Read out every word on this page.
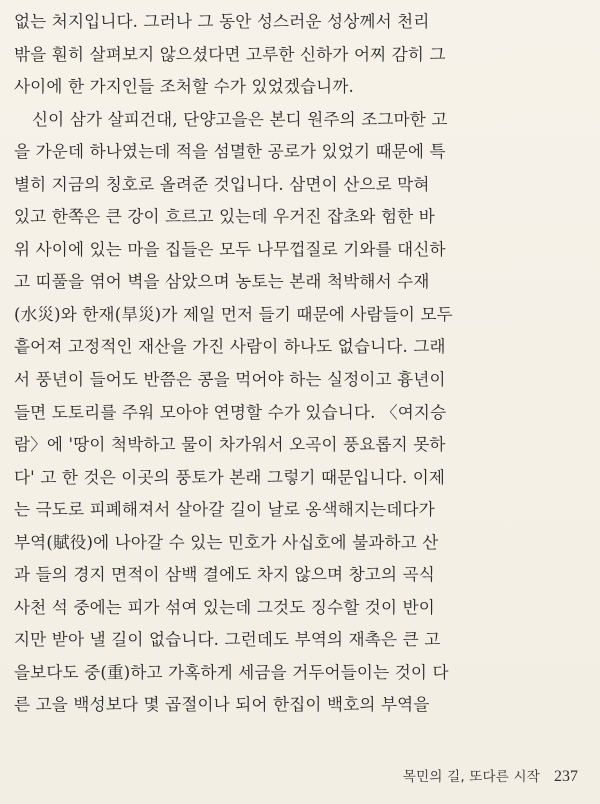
없는 처지입니다. 그러나 그 동안 성스러운 성상께서 천리
밖을 훤히 살펴보지 않으셨다면 고루한 신하가 어찌 감히 그
사이에 한 가지인들 조처할 수가 있었겠습니까.
신이 삼가 살피건대, 단양고을은 본디 원주의 조그마한 고
을 가운데 하나였는데 적을 섬멸한 공로가 있었기 때문에 특
별히 지금의 칭호로 올려준 것입니다. 삼면이 산으로 막혀
있고 한쪽은 큰 강이 흐르고 있는데 우거진 잡초와 험한 바
위 사이에 있는 마을 집들은 모두 나무껍질로 기와를 대신하
고 띠풀을 엮어 벽을 삼았으며 농토는 본래 척박해서 수재
(水災)와 한재(旱災)가 제일 먼저 들기 때문에 사람들이 모두
흩어져 고정적인 재산을 가진 사람이 하나도 없습니다. 그래
서 풍년이 들어도 반쯤은 콩을 먹어야 하는 실정이고 흉년이
들면 도토리를 주워 모아야 연명할 수가 있습니다. 〈여지승
람〉에 '땅이 척박하고 물이 차가워서 오곡이 풍요롭지 못하
다' 고 한 것은 이곳의 풍토가 본래 그렇기 때문입니다. 이제
는 극도로 피폐해져서 살아갈 길이 날로 옹색해지는데다가
부역(賦役)에 나아갈 수 있는 민호가 사십호에 불과하고 산
과 들의 경지 면적이 삼백 결에도 차지 않으며 창고의 곡식
사천 석 중에는 피가 섞여 있는데 그것도 징수할 것이 반이
지만 받아 낼 길이 없습니다. 그런데도 부역의 재촉은 큰 고
을보다도 중(重)하고 가혹하게 세금을 거두어들이는 것이 다
른 고을 백성보다 몇 곱절이나 되어 한집이 백호의 부역을
목민의 길, 또다른 시작 237
